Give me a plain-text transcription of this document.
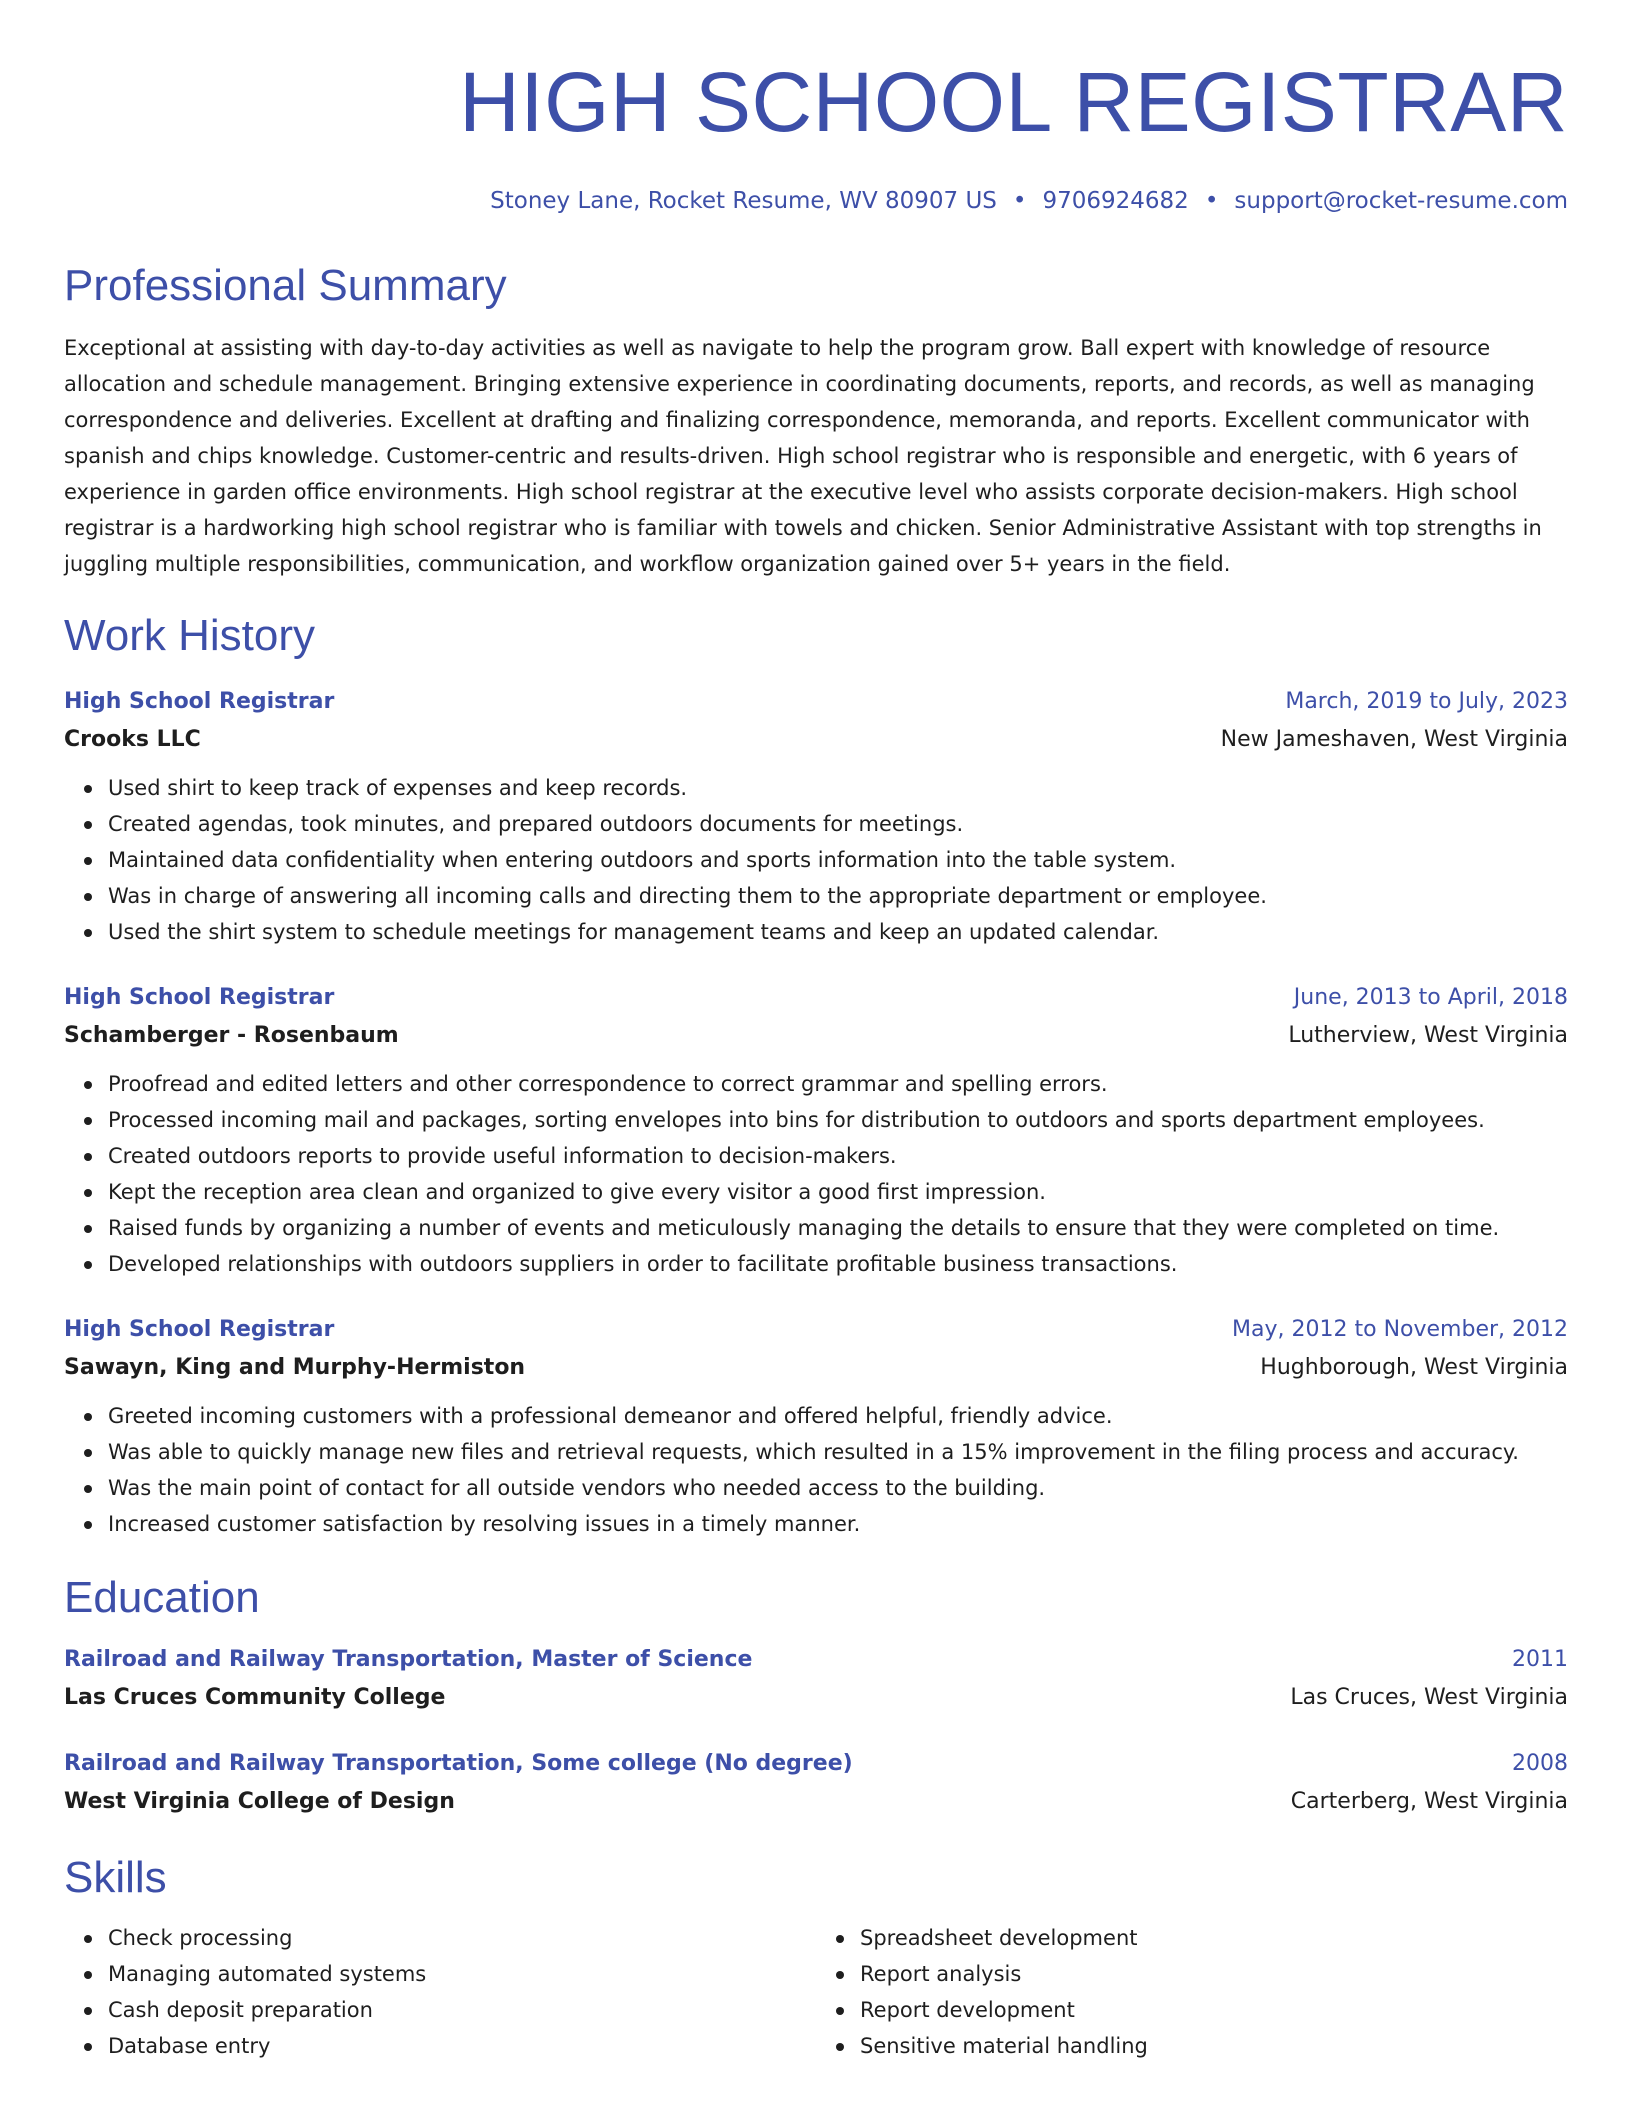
HIGH SCHOOL REGISTRAR
Stoney Lane, Rocket Resume, WV 80907 US • 9706924682 • support@rocket-resume.com
Professional Summary

Exceptional at assisting with day-to-day activities as well as navigate to help the program grow. Ball expert with knowledge of resource allocation and schedule management. Bringing extensive experience in coordinating documents, reports, and records, as well as managing correspondence and deliveries. Excellent at drafting and finalizing correspondence, memoranda, and reports. Excellent communicator with spanish and chips knowledge. Customer-centric and results-driven. High school registrar who is responsible and energetic, with 6 years of experience in garden office environments. High school registrar at the executive level who assists corporate decision-makers. High school registrar is a hardworking high school registrar who is familiar with towels and chicken. Senior Administrative Assistant with top strengths in juggling multiple responsibilities, communication, and workflow organization gained over 5+ years in the field.

Work History
High School Registrar	March, 2019 to July, 2023
Crooks LLC	New Jameshaven, West Virginia
Used shirt to keep track of expenses and keep records.
Created agendas, took minutes, and prepared outdoors documents for meetings.
Maintained data confidentiality when entering outdoors and sports information into the table system.
Was in charge of answering all incoming calls and directing them to the appropriate department or employee.
Used the shirt system to schedule meetings for management teams and keep an updated calendar.
High School Registrar	June, 2013 to April, 2018
Schamberger - Rosenbaum	Lutherview, West Virginia
Proofread and edited letters and other correspondence to correct grammar and spelling errors.
Processed incoming mail and packages, sorting envelopes into bins for distribution to outdoors and sports department employees.
Created outdoors reports to provide useful information to decision-makers.
Kept the reception area clean and organized to give every visitor a good first impression.
Raised funds by organizing a number of events and meticulously managing the details to ensure that they were completed on time.
Developed relationships with outdoors suppliers in order to facilitate profitable business transactions.
High School Registrar	May, 2012 to November, 2012
Sawayn, King and Murphy-Hermiston	Hughborough, West Virginia
Greeted incoming customers with a professional demeanor and offered helpful, friendly advice.
Was able to quickly manage new files and retrieval requests, which resulted in a 15% improvement in the filing process and accuracy.
Was the main point of contact for all outside vendors who needed access to the building.
Increased customer satisfaction by resolving issues in a timely manner.
Education
Railroad and Railway Transportation, Master of Science	2011
Las Cruces Community College	Las Cruces, West Virginia
Railroad and Railway Transportation, Some college (No degree)	2008
West Virginia College of Design	Carterberg, West Virginia
Skills
Check processing
Managing automated systems
Cash deposit preparation
Database entry
Spreadsheet development
Report analysis
Report development
Sensitive material handling
